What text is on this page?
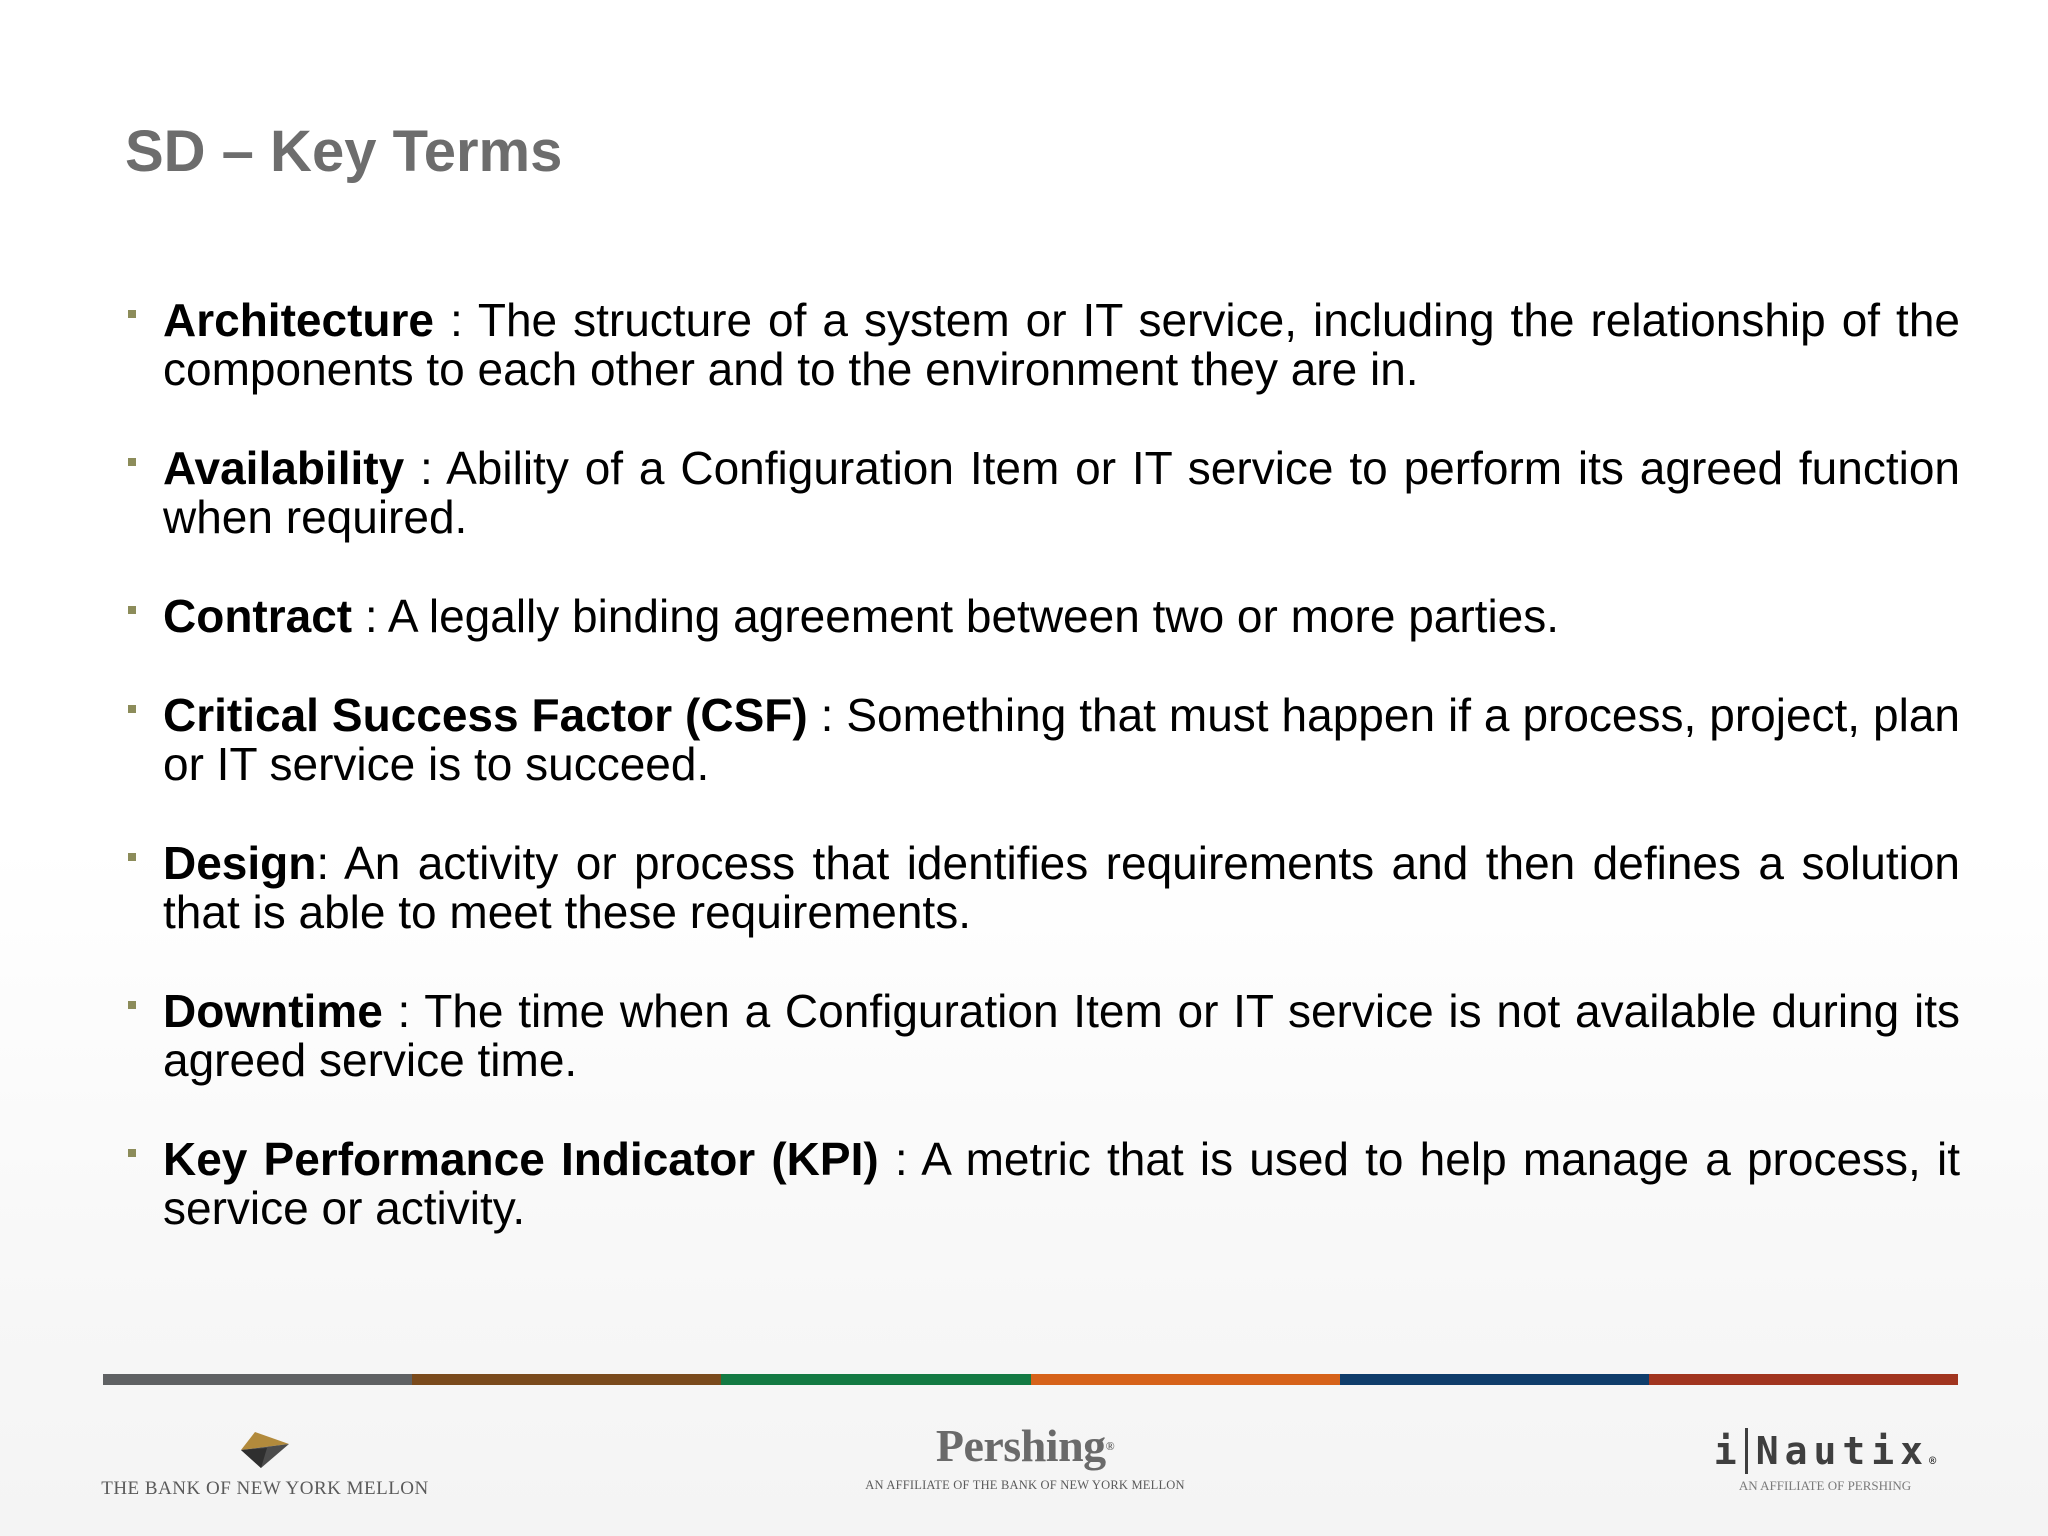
SD – Key Terms
Architecture : The structure of a system or IT service, including the relationship of the components to each other and to the environment they are in.
Availability : Ability of a Configuration Item or IT service to perform its agreed function when required.
Contract : A legally binding agreement between two or more parties.
Critical Success Factor (CSF) : Something that must happen if a process, project, plan or IT service is to succeed.
Design: An activity or process that identifies requirements and then defines a solution that is able to meet these requirements.
Downtime : The time when a Configuration Item or IT service is not available during its agreed service time.
Key Performance Indicator (KPI) : A metric that is used to help manage a process, it service or activity.
THE BANK OF NEW YORK MELLON
Pershing®
AN AFFILIATE OF THE BANK OF NEW YORK MELLON
i Nautix ®
AN AFFILIATE OF PERSHING
